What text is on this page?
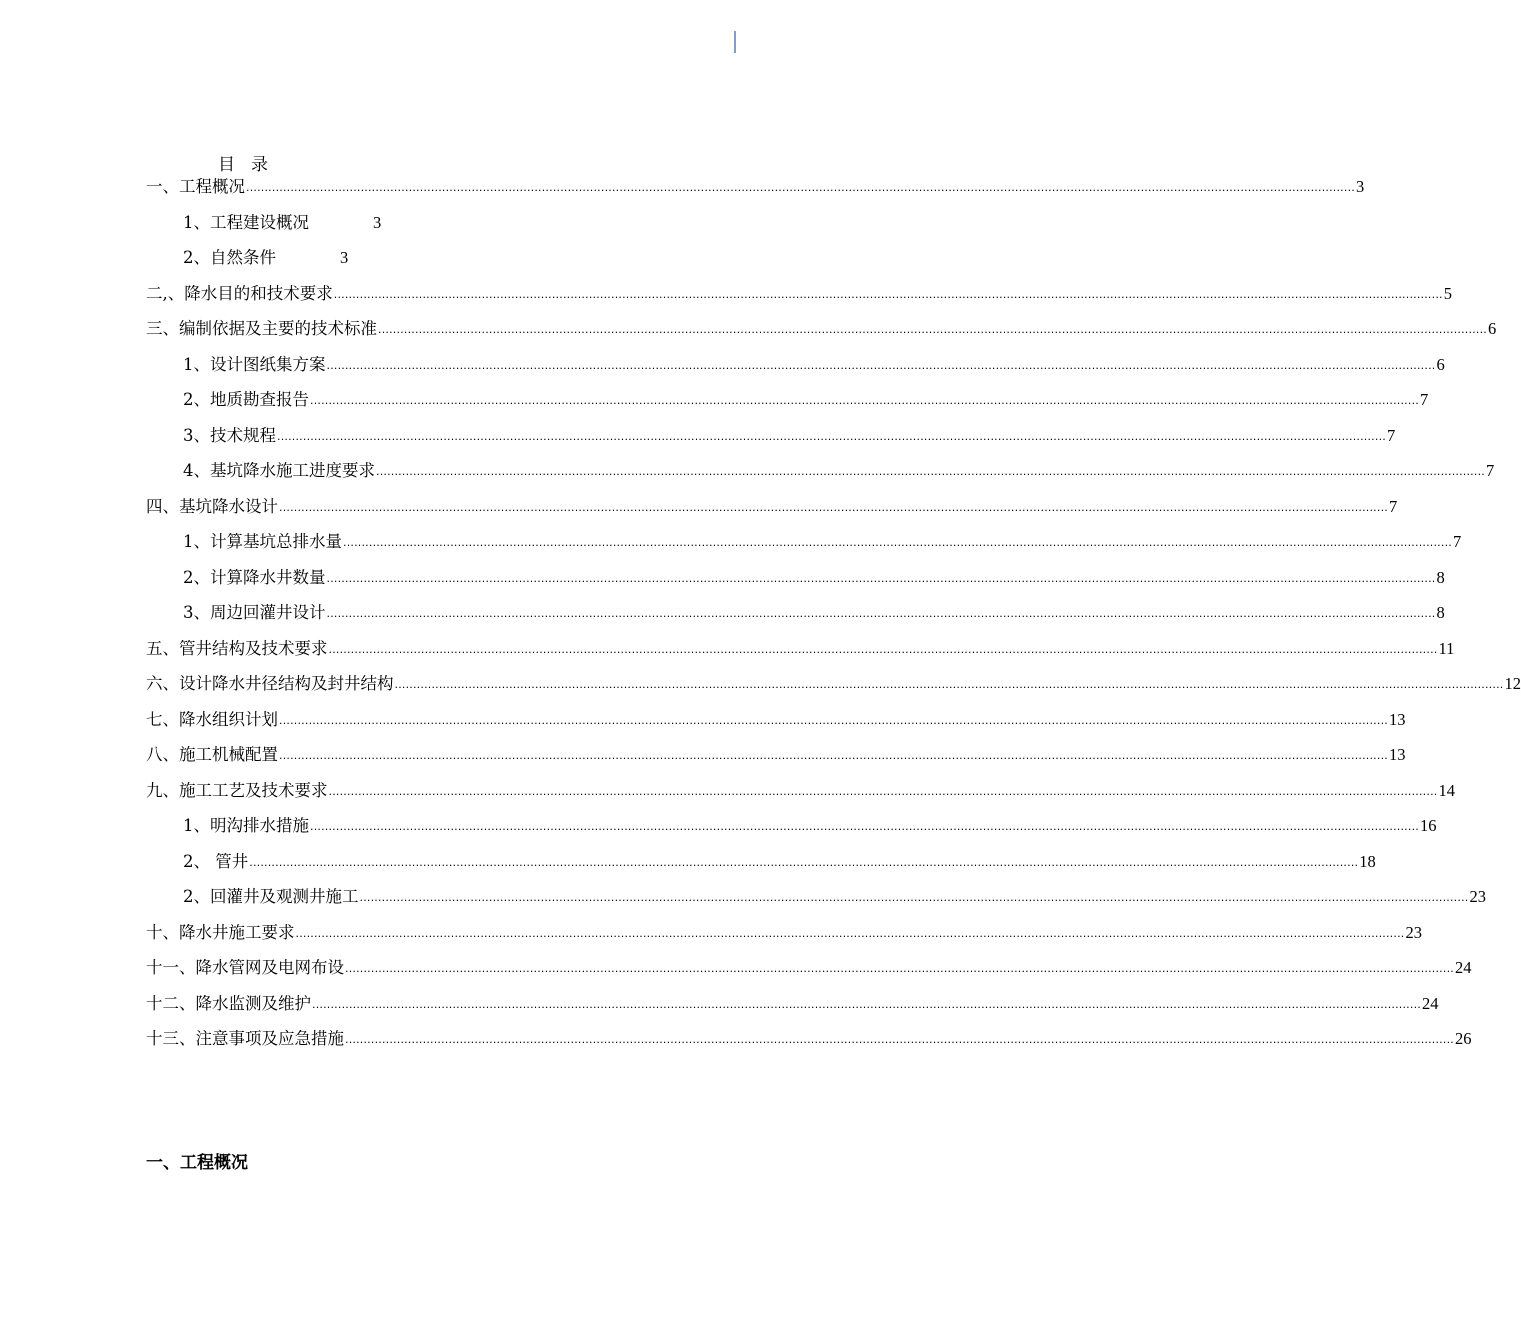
目 录
一、工程概况 ............................................................................................................................................................................................................................................................................................................ 3
1、工程建设概况	3
2、自然条件	3
二,、降水目的和技术要求 ............................................................................................................................................................................................................................................................................................................ 5
三、编制依据及主要的技术标准 ............................................................................................................................................................................................................................................................................................................ 6
1、设计图纸集方案 ............................................................................................................................................................................................................................................................................................................ 6
2、地质勘查报告 ............................................................................................................................................................................................................................................................................................................ 7
3、技术规程 ............................................................................................................................................................................................................................................................................................................ 7
4、基坑降水施工进度要求 ............................................................................................................................................................................................................................................................................................................ 7
四、基坑降水设计 ............................................................................................................................................................................................................................................................................................................ 7
1、计算基坑总排水量 ............................................................................................................................................................................................................................................................................................................ 7
2、计算降水井数量 ............................................................................................................................................................................................................................................................................................................ 8
3、周边回灌井设计 ............................................................................................................................................................................................................................................................................................................ 8
五、管井结构及技术要求 ............................................................................................................................................................................................................................................................................................................ 11
六、设计降水井径结构及封井结构 ............................................................................................................................................................................................................................................................................................................ 12
七、降水组织计划 ............................................................................................................................................................................................................................................................................................................ 13
八、施工机械配置 ............................................................................................................................................................................................................................................................................................................ 13
九、施工工艺及技术要求 ............................................................................................................................................................................................................................................................................................................ 14
1、明沟排水措施 ............................................................................................................................................................................................................................................................................................................ 16
2、 管井 ............................................................................................................................................................................................................................................................................................................ 18
2、回灌井及观测井施工 ............................................................................................................................................................................................................................................................................................................ 23
十、降水井施工要求 ............................................................................................................................................................................................................................................................................................................ 23
十一、降水管网及电网布设 ............................................................................................................................................................................................................................................................................................................ 24
十二、降水监测及维护 ............................................................................................................................................................................................................................................................................................................ 24
十三、注意事项及应急措施 ............................................................................................................................................................................................................................................................................................................ 26
一、工程概况
